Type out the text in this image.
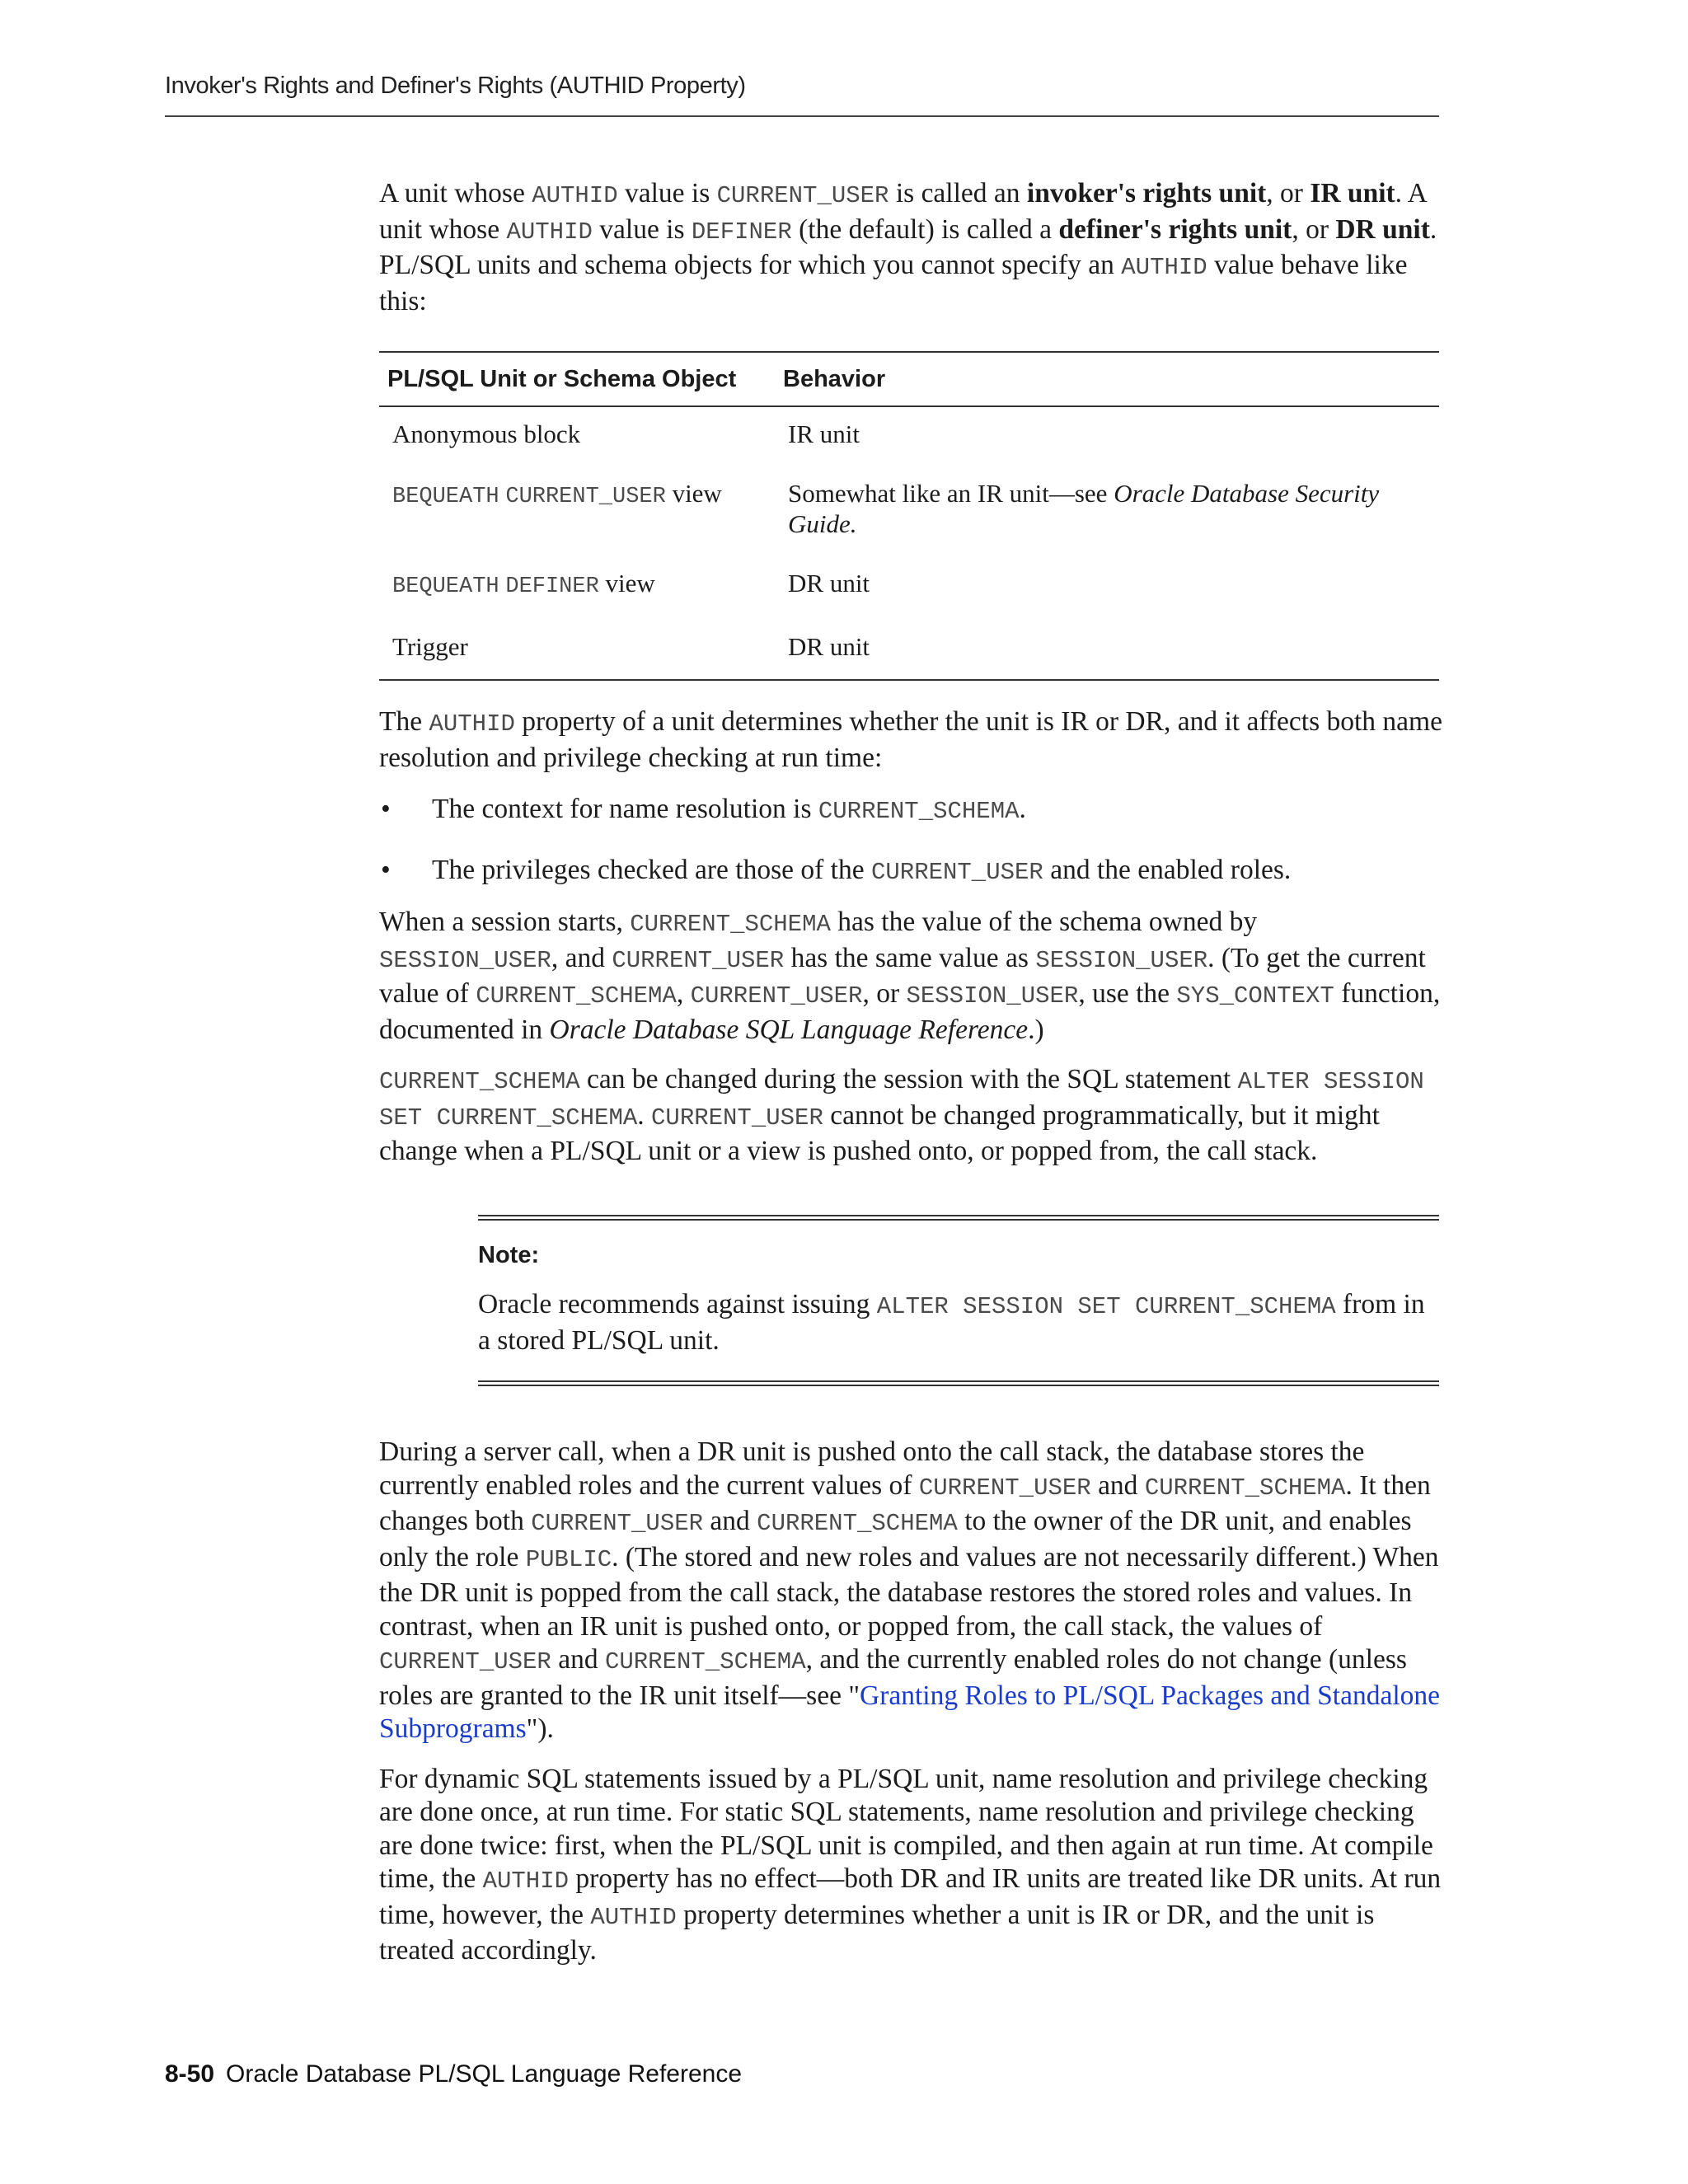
Invoker's Rights and Definer's Rights (AUTHID Property)

A unit whose AUTHID value is CURRENT_USER is called an invoker's rights unit, or IR unit. A unit whose AUTHID value is DEFINER (the default) is called a definer's rights unit, or DR unit. PL/SQL units and schema objects for which you cannot specify an AUTHID value behave like this:

PL/SQL Unit or Schema Object	Behavior
Anonymous block	IR unit
BEQUEATH CURRENT_USER view	Somewhat like an IR unit—see Oracle Database Security Guide.
BEQUEATH DEFINER view	DR unit
Trigger	DR unit

The AUTHID property of a unit determines whether the unit is IR or DR, and it affects both name resolution and privilege checking at run time:

• The context for name resolution is CURRENT_SCHEMA.
• The privileges checked are those of the CURRENT_USER and the enabled roles.

When a session starts, CURRENT_SCHEMA has the value of the schema owned by SESSION_USER, and CURRENT_USER has the same value as SESSION_USER. (To get the current value of CURRENT_SCHEMA, CURRENT_USER, or SESSION_USER, use the SYS_CONTEXT function, documented in Oracle Database SQL Language Reference.)

CURRENT_SCHEMA can be changed during the session with the SQL statement ALTER SESSION SET CURRENT_SCHEMA. CURRENT_USER cannot be changed programmatically, but it might change when a PL/SQL unit or a view is pushed onto, or popped from, the call stack.

Note:

Oracle recommends against issuing ALTER SESSION SET CURRENT_SCHEMA from in a stored PL/SQL unit.

During a server call, when a DR unit is pushed onto the call stack, the database stores the currently enabled roles and the current values of CURRENT_USER and CURRENT_SCHEMA. It then changes both CURRENT_USER and CURRENT_SCHEMA to the owner of the DR unit, and enables only the role PUBLIC. (The stored and new roles and values are not necessarily different.) When the DR unit is popped from the call stack, the database restores the stored roles and values. In contrast, when an IR unit is pushed onto, or popped from, the call stack, the values of CURRENT_USER and CURRENT_SCHEMA, and the currently enabled roles do not change (unless roles are granted to the IR unit itself—see "Granting Roles to PL/SQL Packages and Standalone Subprograms").

For dynamic SQL statements issued by a PL/SQL unit, name resolution and privilege checking are done once, at run time. For static SQL statements, name resolution and privilege checking are done twice: first, when the PL/SQL unit is compiled, and then again at run time. At compile time, the AUTHID property has no effect—both DR and IR units are treated like DR units. At run time, however, the AUTHID property determines whether a unit is IR or DR, and the unit is treated accordingly.

8-50 Oracle Database PL/SQL Language Reference
